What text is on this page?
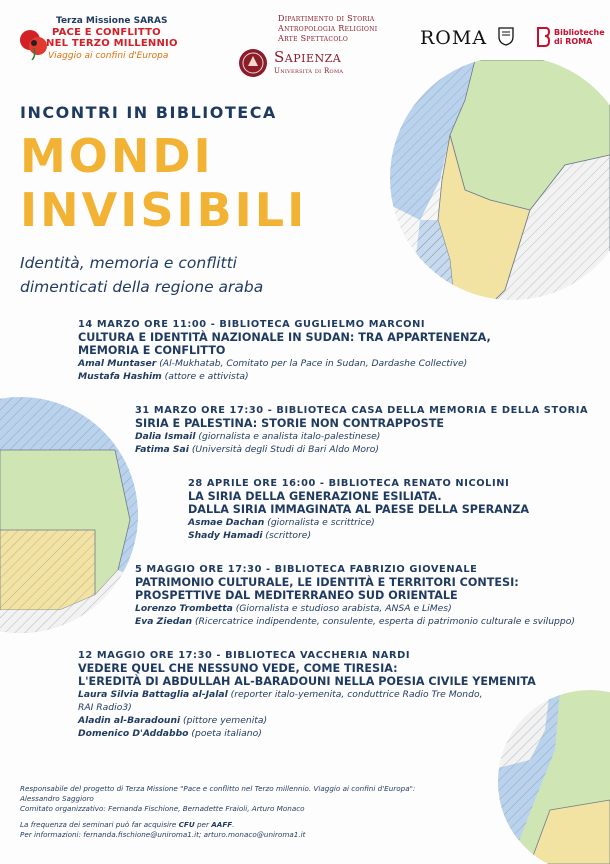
Terza Missione SARAS
PACE E CONFLITTO
NEL TERZO MILLENNIO
Viaggio ai confini d'Europa
Dipartimento di Storia
Antropologia Religioni
Arte Spettacolo
Sapienza
Università di Roma
ROMA	Biblioteche
di ROMA
INCONTRI IN BIBLIOTECA
MONDI
INVISIBILI
Identità, memoria e conflitti
dimenticati della regione araba
14 MARZO ORE 11:00 - BIBLIOTECA GUGLIELMO MARCONI
CULTURA E IDENTITÀ NAZIONALE IN SUDAN: TRA APPARTENENZA,
MEMORIA E CONFLITTO
Amal Muntaser (Al-Mukhatab, Comitato per la Pace in Sudan, Dardashe Collective)
Mustafa Hashim (attore e attivista)
31 MARZO ORE 17:30 - BIBLIOTECA CASA DELLA MEMORIA E DELLA STORIA
SIRIA E PALESTINA: STORIE NON CONTRAPPOSTE
Dalia Ismail (giornalista e analista italo-palestinese)
Fatima Sai (Università degli Studi di Bari Aldo Moro)
28 APRILE ORE 16:00 - BIBLIOTECA RENATO NICOLINI
LA SIRIA DELLA GENERAZIONE ESILIATA.
DALLA SIRIA IMMAGINATA AL PAESE DELLA SPERANZA
Asmae Dachan (giornalista e scrittrice)
Shady Hamadi (scrittore)
5 MAGGIO ORE 17:30 - BIBLIOTECA FABRIZIO GIOVENALE
PATRIMONIO CULTURALE, LE IDENTITÀ E TERRITORI CONTESI:
PROSPETTIVE DAL MEDITERRANEO SUD ORIENTALE
Lorenzo Trombetta (Giornalista e studioso arabista, ANSA e LiMes)
Eva Ziedan (Ricercatrice indipendente, consulente, esperta di patrimonio culturale e sviluppo)
12 MAGGIO ORE 17:30 - BIBLIOTECA VACCHERIA NARDI
VEDERE QUEL CHE NESSUNO VEDE, COME TIRESIA:
L'EREDITÀ DI ABDULLAH AL-BARADOUNI NELLA POESIA CIVILE YEMENITA
Laura Silvia Battaglia al-Jalal (reporter italo-yemenita, conduttrice Radio Tre Mondo,
RAI Radio3)
Aladin al-Baradouni (pittore yemenita)
Domenico D'Addabbo (poeta italiano)
Responsabile del progetto di Terza Missione "Pace e conflitto nel Terzo millennio. Viaggio ai confini d'Europa":
Alessandro Saggioro
Comitato organizzativo: Fernanda Fischione, Bernadette Fraioli, Arturo Monaco
La frequenza dei seminari può far acquisire CFU per AAFF.
Per informazioni: fernanda.fischione@uniroma1.it; arturo.monaco@uniroma1.it
